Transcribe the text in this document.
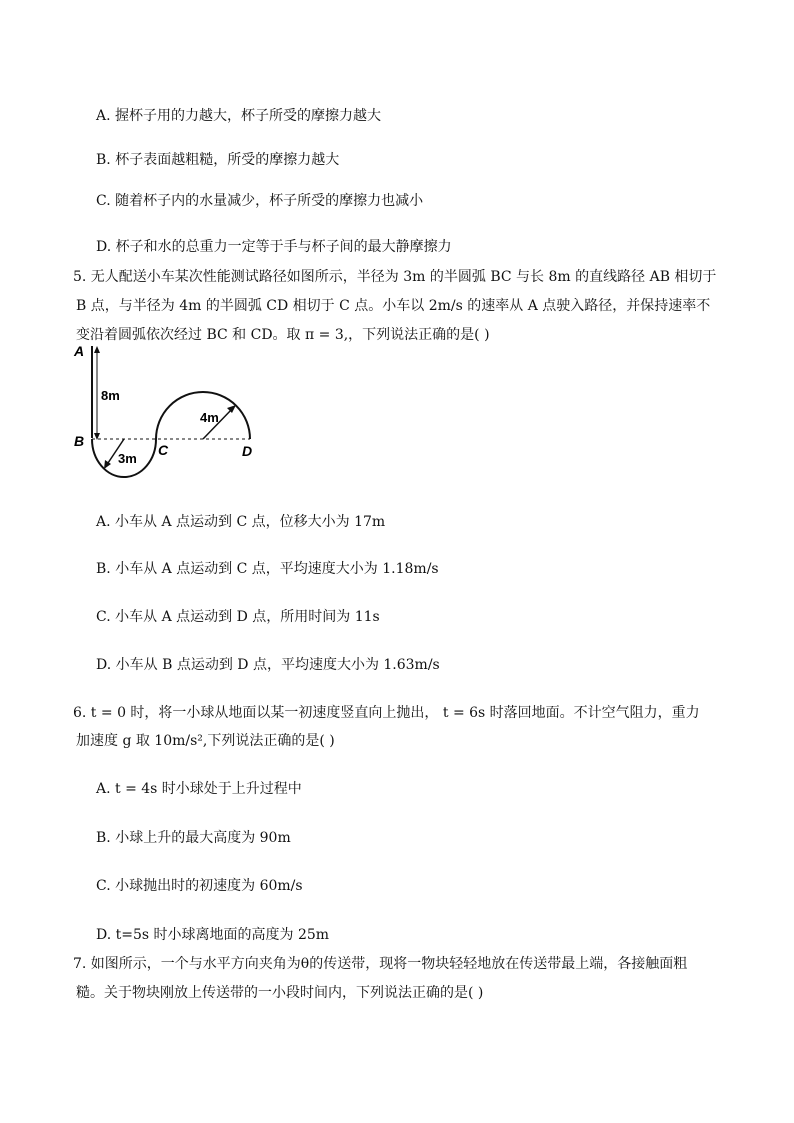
A. 握杯子用的力越大，杯子所受的摩擦力越大
B. 杯子表面越粗糙，所受的摩擦力越大
C. 随着杯子内的水量减少，杯子所受的摩擦力也减小
D. 杯子和水的总重力一定等于手与杯子间的最大静摩擦力
5. 无人配送小车某次性能测试路径如图所示，半径为 3m 的半圆弧 BC 与长 8m 的直线路径 AB 相切于
B 点，与半径为 4m 的半圆弧 CD 相切于 C 点。小车以 2m/s 的速率从 A 点驶入路径，并保持速率不
变沿着圆弧依次经过 BC 和 CD。取 π = 3,，下列说法正确的是( )
A
B
C	D
8m
3m
4m
A. 小车从 A 点运动到 C 点，位移大小为 17m
B. 小车从 A 点运动到 C 点，平均速度大小为 1.18m/s
C. 小车从 A 点运动到 D 点，所用时间为 11s
D. 小车从 B 点运动到 D 点，平均速度大小为 1.63m/s
6. t = 0 时，将一小球从地面以某一初速度竖直向上抛出， t = 6s 时落回地面。不计空气阻力，重力
加速度 g 取 10m/s²,下列说法正确的是( )
A. t = 4s 时小球处于上升过程中
B. 小球上升的最大高度为 90m
C. 小球抛出时的初速度为 60m/s
D. t=5s 时小球离地面的高度为 25m
7. 如图所示，一个与水平方向夹角为θ的传送带，现将一物块轻轻地放在传送带最上端，各接触面粗
糙。关于物块刚放上传送带的一小段时间内，下列说法正确的是( )
